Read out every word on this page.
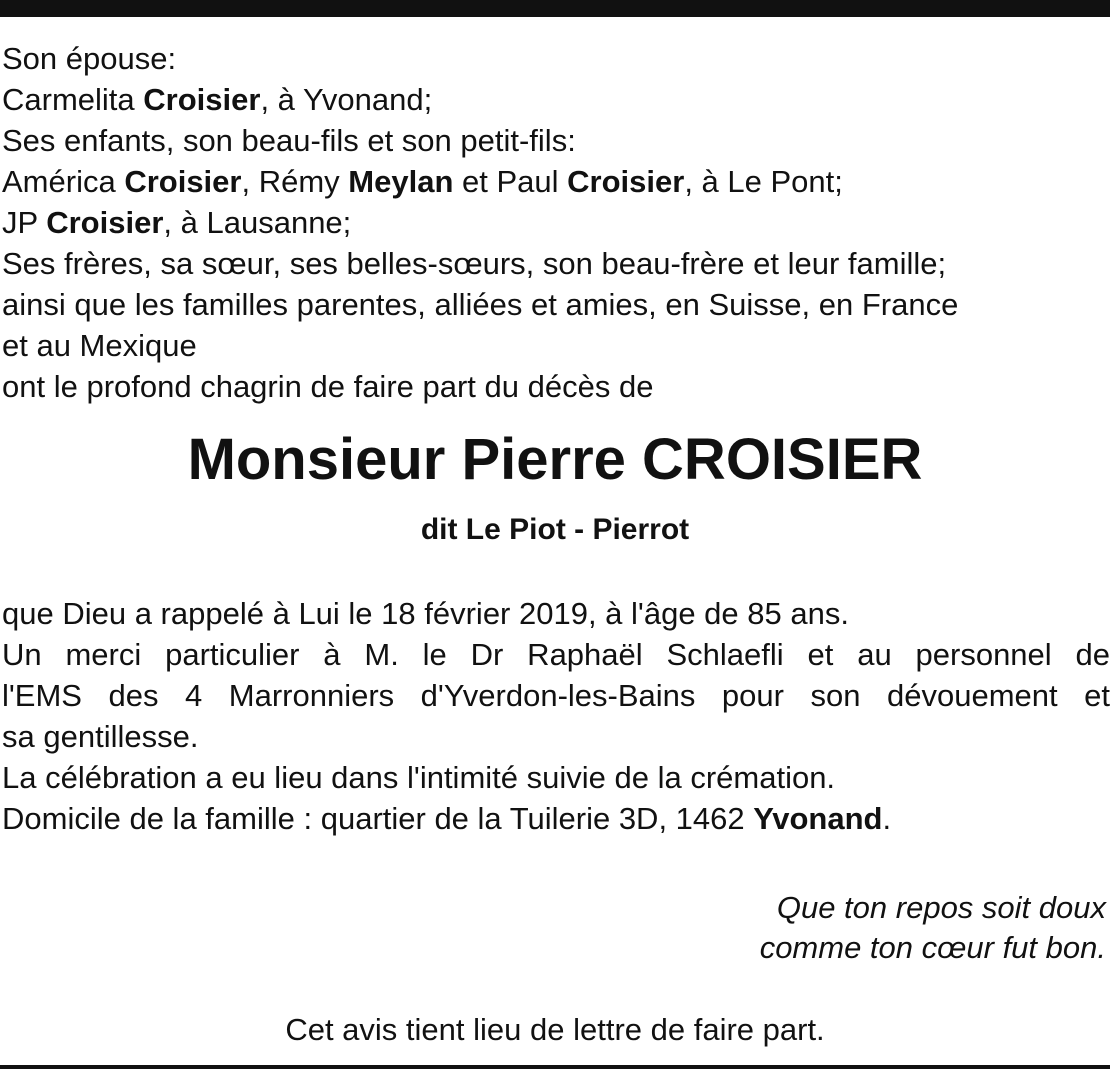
Son épouse:
Carmelita Croisier, à Yvonand;
Ses enfants, son beau-fils et son petit-fils:
América Croisier, Rémy Meylan et Paul Croisier, à Le Pont;
JP Croisier, à Lausanne;
Ses frères, sa sœur, ses belles-sœurs, son beau-frère et leur famille;
ainsi que les familles parentes, alliées et amies, en Suisse, en France
et au Mexique
ont le profond chagrin de faire part du décès de
Monsieur Pierre CROISIER
dit Le Piot - Pierrot
que Dieu a rappelé à Lui le 18 février 2019, à l'âge de 85 ans.
Un merci particulier à M. le Dr Raphaël Schlaefli et au personnel de
l'EMS des 4 Marronniers d'Yverdon-les-Bains pour son dévouement et
sa gentillesse.
La célébration a eu lieu dans l'intimité suivie de la crémation.
Domicile de la famille : quartier de la Tuilerie 3D, 1462 Yvonand.
Que ton repos soit doux
comme ton cœur fut bon.
Cet avis tient lieu de lettre de faire part.
